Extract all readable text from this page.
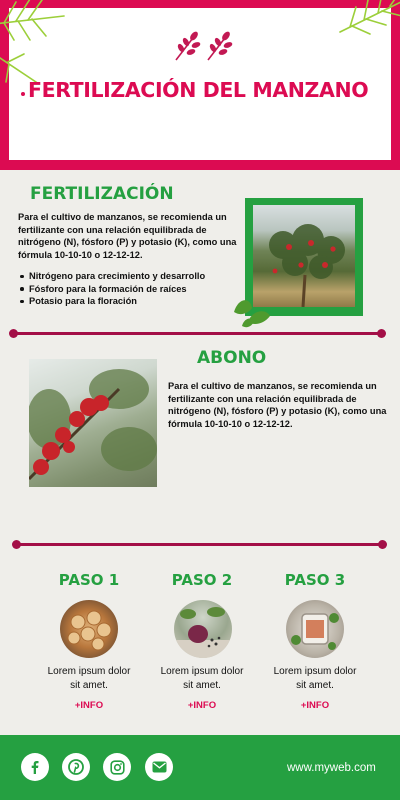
FERTILIZACIÓN DEL MANZANO
FERTILIZACIÓN
Para el cultivo de manzanos, se recomienda un fertilizante con una relación equilibrada de nitrógeno (N), fósforo (P) y potasio (K), como una fórmula 10-10-10 o 12-12-12.
Nitrógeno para crecimiento y desarrollo
Fósforo para la formación de raíces
Potasio para la floración
ABONO
Para el cultivo de manzanos, se recomienda un fertilizante con una relación equilibrada de nitrógeno (N), fósforo (P) y potasio (K), como una fórmula 10-10-10 o 12-12-12.
PASO 1
Lorem ipsum dolor sit amet.
+INFO
PASO 2
Lorem ipsum dolor sit amet.
+INFO
PASO 3
Lorem ipsum dolor sit amet.
+INFO
www.myweb.com
